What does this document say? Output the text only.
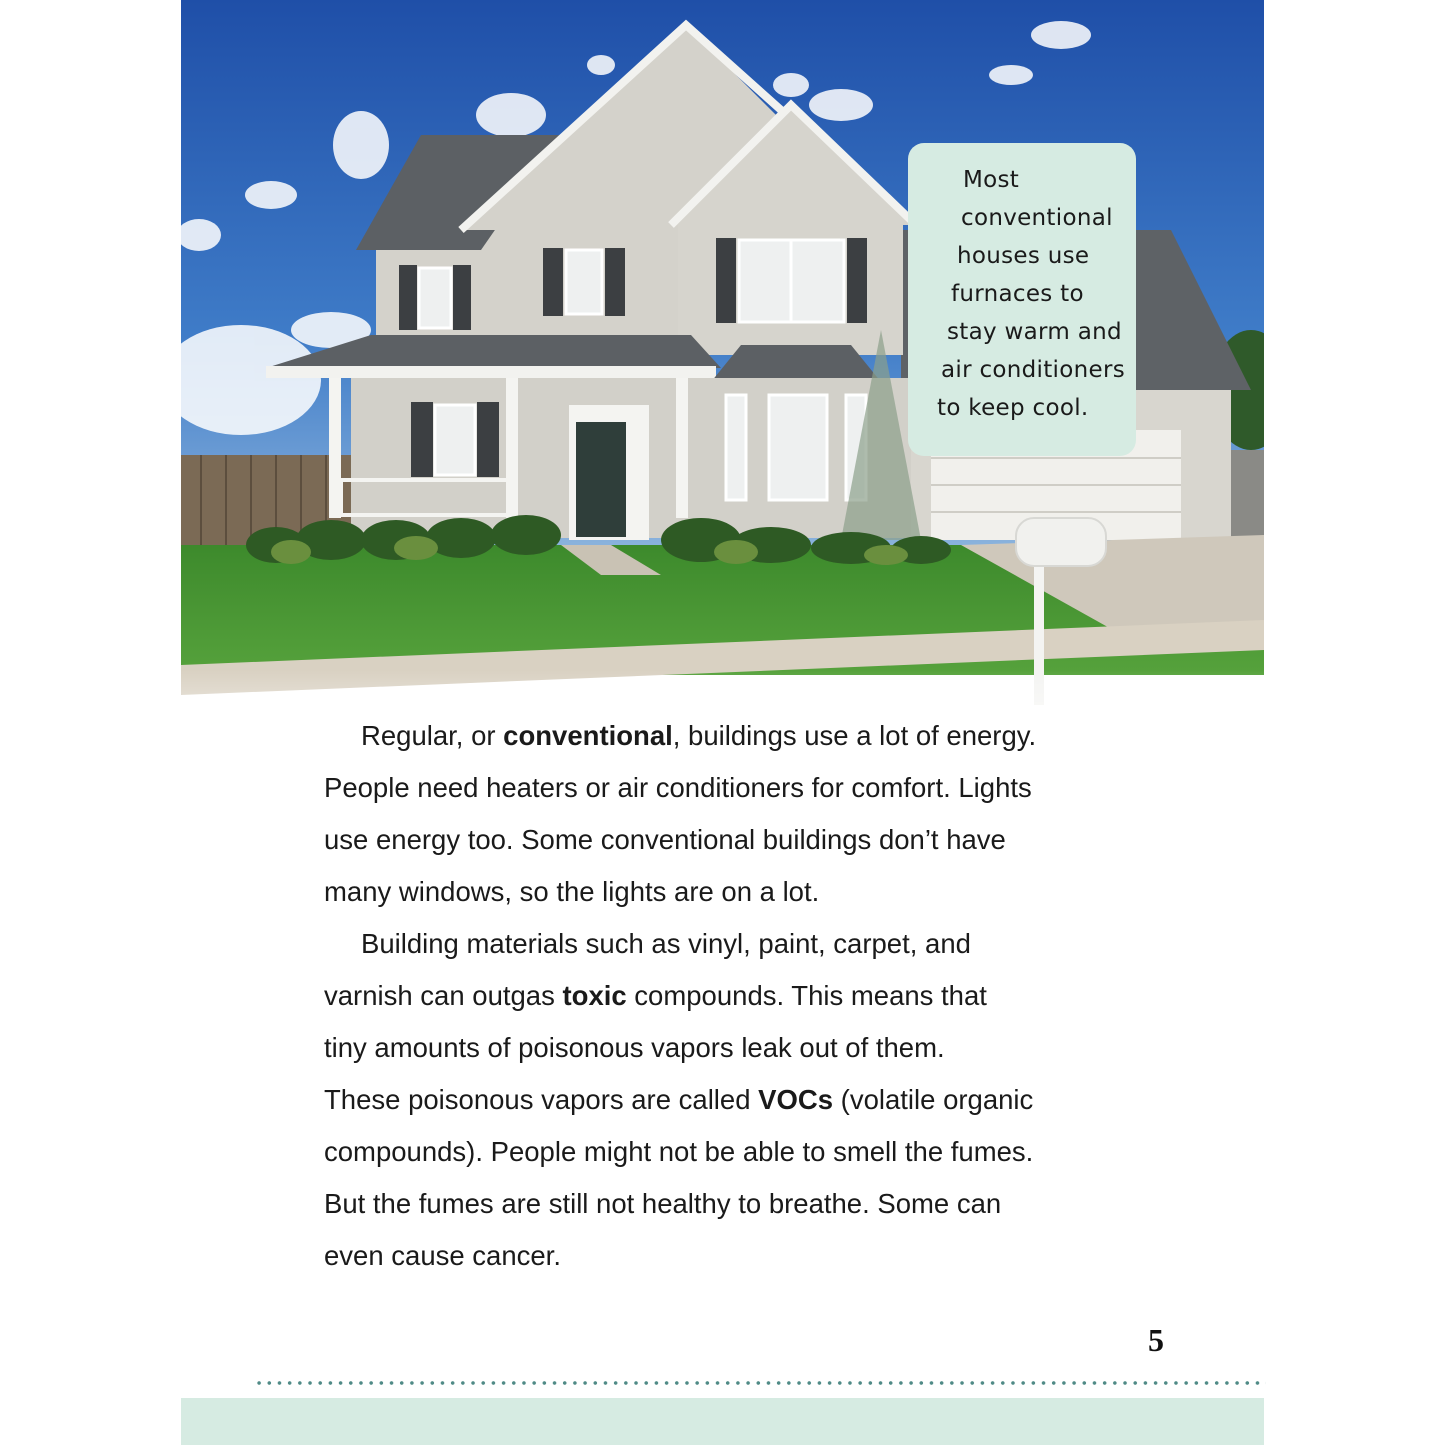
Most
conventional
houses use
furnaces to
stay warm and
air conditioners
to keep cool.
Regular, or conventional, buildings use a lot of energy.
People need heaters or air conditioners for comfort. Lights
use energy too. Some conventional buildings don’t have
many windows, so the lights are on a lot.
Building materials such as vinyl, paint, carpet, and
varnish can outgas toxic compounds. This means that
tiny amounts of poisonous vapors leak out of them.
These poisonous vapors are called VOCs (volatile organic
compounds). People might not be able to smell the fumes.
But the fumes are still not healthy to breathe. Some can
even cause cancer.
5
